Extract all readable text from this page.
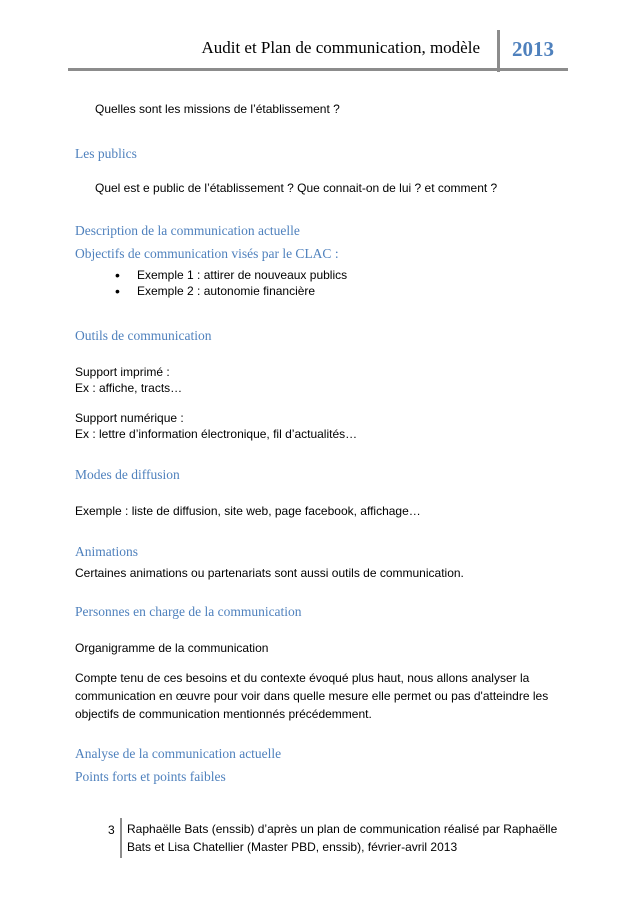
Audit et Plan de communication, modèle 2013
Quelles sont les missions de l’établissement ?
Les publics
Quel est e public de l’établissement ? Que connait-on de lui ? et comment ?
Description de la communication actuelle
Objectifs de communication visés par le CLAC :
• Exemple 1 : attirer de nouveaux publics
• Exemple 2 : autonomie financière
Outils de communication
Support imprimé :
Ex : affiche, tracts…
Support numérique :
Ex : lettre d’information électronique, fil d’actualités…
Modes de diffusion
Exemple : liste de diffusion, site web, page facebook, affichage…
Animations
Certaines animations ou partenariats sont aussi outils de communication.
Personnes en charge de la communication
Organigramme de la communication
Compte tenu de ces besoins et du contexte évoqué plus haut, nous allons analyser la
communication en œuvre pour voir dans quelle mesure elle permet ou pas d'atteindre les
objectifs de communication mentionnés précédemment.
Analyse de la communication actuelle
Points forts et points faibles
3 Raphaëlle Bats (enssib) d’après un plan de communication réalisé par Raphaëlle
Bats et Lisa Chatellier (Master PBD, enssib), février-avril 2013
